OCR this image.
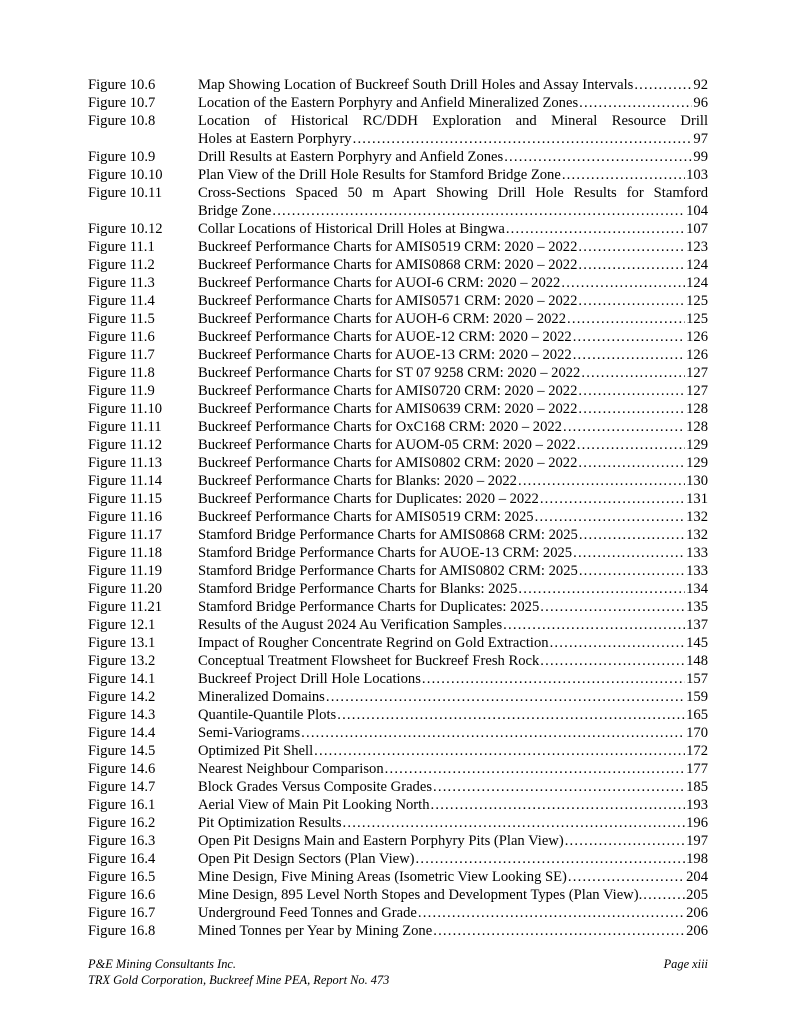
Figure 10.6	Map Showing Location of Buckreef South Drill Holes and Assay Intervals .....	92
Figure 10.7	Location of the Eastern Porphyry and Anfield Mineralized Zones .....	96
Figure 10.8	Location of Historical RC/DDH Exploration and Mineral Resource Drill
Holes at Eastern Porphyry .....	97
Figure 10.9	Drill Results at Eastern Porphyry and Anfield Zones .....	99
Figure 10.10	Plan View of the Drill Hole Results for Stamford Bridge Zone .....	103
Figure 10.11	Cross-Sections Spaced 50 m Apart Showing Drill Hole Results for Stamford
Bridge Zone .....	104
Figure 10.12	Collar Locations of Historical Drill Holes at Bingwa .....	107
Figure 11.1	Buckreef Performance Charts for AMIS0519 CRM: 2020 – 2022 .....	123
Figure 11.2	Buckreef Performance Charts for AMIS0868 CRM: 2020 – 2022 .....	124
Figure 11.3	Buckreef Performance Charts for AUOI-6 CRM: 2020 – 2022 .....	124
Figure 11.4	Buckreef Performance Charts for AMIS0571 CRM: 2020 – 2022 .....	125
Figure 11.5	Buckreef Performance Charts for AUOH-6 CRM: 2020 – 2022 .....	125
Figure 11.6	Buckreef Performance Charts for AUOE-12 CRM: 2020 – 2022 .....	126
Figure 11.7	Buckreef Performance Charts for AUOE-13 CRM: 2020 – 2022 .....	126
Figure 11.8	Buckreef Performance Charts for ST 07 9258 CRM: 2020 – 2022 .....	127
Figure 11.9	Buckreef Performance Charts for AMIS0720 CRM: 2020 – 2022 .....	127
Figure 11.10	Buckreef Performance Charts for AMIS0639 CRM: 2020 – 2022 .....	128
Figure 11.11	Buckreef Performance Charts for OxC168 CRM: 2020 – 2022 .....	128
Figure 11.12	Buckreef Performance Charts for AUOM-05 CRM: 2020 – 2022 .....	129
Figure 11.13	Buckreef Performance Charts for AMIS0802 CRM: 2020 – 2022 .....	129
Figure 11.14	Buckreef Performance Charts for Blanks: 2020 – 2022 .....	130
Figure 11.15	Buckreef Performance Charts for Duplicates: 2020 – 2022 .....	131
Figure 11.16	Buckreef Performance Charts for AMIS0519 CRM: 2025 .....	132
Figure 11.17	Stamford Bridge Performance Charts for AMIS0868 CRM: 2025 .....	132
Figure 11.18	Stamford Bridge Performance Charts for AUOE-13 CRM: 2025 .....	133
Figure 11.19	Stamford Bridge Performance Charts for AMIS0802 CRM: 2025 .....	133
Figure 11.20	Stamford Bridge Performance Charts for Blanks: 2025 .....	134
Figure 11.21	Stamford Bridge Performance Charts for Duplicates: 2025 .....	135
Figure 12.1	Results of the August 2024 Au Verification Samples .....	137
Figure 13.1	Impact of Rougher Concentrate Regrind on Gold Extraction .....	145
Figure 13.2	Conceptual Treatment Flowsheet for Buckreef Fresh Rock .....	148
Figure 14.1	Buckreef Project Drill Hole Locations .....	157
Figure 14.2	Mineralized Domains .....	159
Figure 14.3	Quantile-Quantile Plots .....	165
Figure 14.4	Semi-Variograms .....	170
Figure 14.5	Optimized Pit Shell .....	172
Figure 14.6	Nearest Neighbour Comparison .....	177
Figure 14.7	Block Grades Versus Composite Grades .....	185
Figure 16.1	Aerial View of Main Pit Looking North .....	193
Figure 16.2	Pit Optimization Results .....	196
Figure 16.3	Open Pit Designs Main and Eastern Porphyry Pits (Plan View) .....	197
Figure 16.4	Open Pit Design Sectors (Plan View) .....	198
Figure 16.5	Mine Design, Five Mining Areas (Isometric View Looking SE) .....	204
Figure 16.6	Mine Design, 895 Level North Stopes and Development Types (Plan View). .....	205
Figure 16.7	Underground Feed Tonnes and Grade .....	206
Figure 16.8	Mined Tonnes per Year by Mining Zone .....	206
P&E Mining Consultants Inc.	Page xiii
TRX Gold Corporation, Buckreef Mine PEA, Report No. 473
